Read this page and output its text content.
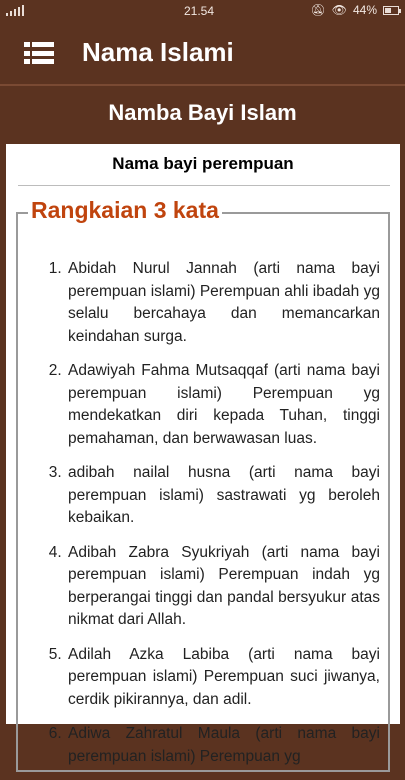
21.54	🔕︎ 👁︎ 44%
Nama Islami
Namba Bayi Islam
Nama bayi perempuan
Rangkaian 3 kata
1. Abidah Nurul Jannah (arti nama bayi perempuan islami) Perempuan ahli ibadah yg selalu bercahaya dan memancarkan keindahan surga.
2. Adawiyah Fahma Mutsaqqaf (arti nama bayi perempuan islami) Perempuan yg mendekatkan diri kepada Tuhan, tinggi pemahaman, dan berwawasan luas.
3. adibah nailal husna (arti nama bayi perempuan islami) sastrawati yg beroleh kebaikan.
4. Adibah Zabra Syukriyah (arti nama bayi perempuan islami) Perempuan indah yg berperangai tinggi dan pandal bersyukur atas nikmat dari Allah.
5. Adilah Azka Labiba (arti nama bayi perempuan islami) Perempuan suci jiwanya, cerdik pikirannya, dan adil.
6. Adiwa Zahratul Maula (arti nama bayi perempuan islami) Perempuan yg
